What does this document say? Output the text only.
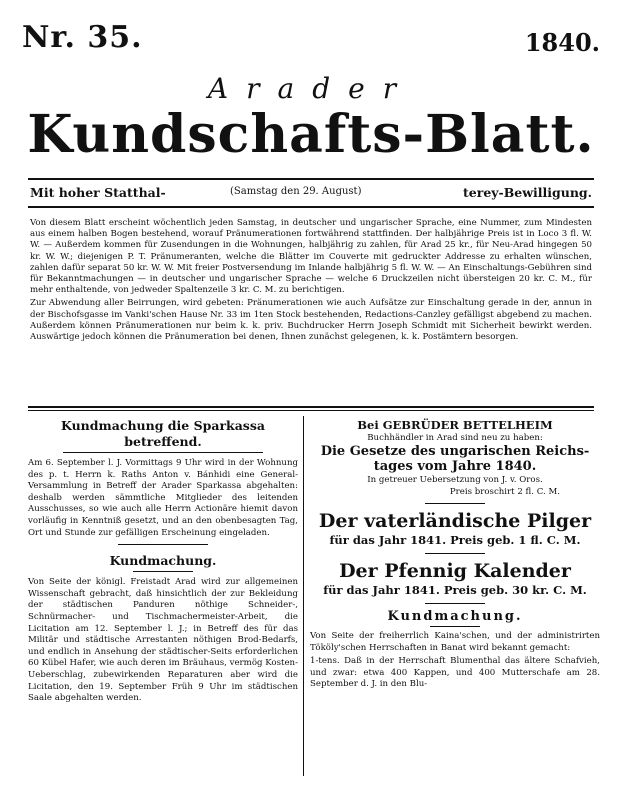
Nr. 35.	1840.
Arader
Kundschafts-Blatt.
Mit hoher Statthal-	(Samstag den 29. August)	terey-Bewilligung.

Von diesem Blatt erscheint wöchentlich jeden Samstag, in deutscher und ungarischer Sprache, eine Nummer, zum Mindesten aus einem halben Bogen bestehend, worauf Pränumerationen fortwährend stattfinden. Der halbjährige Preis ist in Loco 3 fl. W. W. — Außerdem kommen für Zusendungen in die Wohnungen, halbjährig zu zahlen, für Arad 25 kr., für Neu-Arad hingegen 50 kr. W. W.; diejenigen P. T. Pränumeranten, welche die Blätter im Couverte mit gedruckter Addresse zu erhalten wünschen, zahlen dafür separat 50 kr. W. W. Mit freier Postversendung im Inlande halbjährig 5 fl. W. W. — An Einschaltungs-Gebühren sind für Bekanntmachungen — in deutscher und ungarischer Sprache — welche 6 Druckzeilen nicht übersteigen 20 kr. C. M., für mehr enthaltende, von jedweder Spaltenzeile 3 kr. C. M. zu berichtigen.

Zur Abwendung aller Beirrungen, wird gebeten: Pränumerationen wie auch Aufsätze zur Einschaltung gerade in der, annun in der Bischofsgasse im Vanki'schen Hause Nr. 33 im 1ten Stock bestehenden, Redactions-Canzley gefälligst abgebend zu machen. Außerdem können Pränumerationen nur beim k. k. priv. Buchdrucker Herrn Joseph Schmidt mit Sicherheit bewirkt werden. Auswärtige jedoch können die Pränumeration bei denen, Ihnen zunächst gelegenen, k. k. Postämtern besorgen.

Kundmachung die Sparkassa betreffend.
Am 6. September l. J. Vormittags 9 Uhr wird in der Wohnung des p. t. Herrn k. Raths Anton v. Bánhidi eine General-Versammlung in Betreff der Arader Sparkassa abgehalten: deshalb werden sämmtliche Mitglieder des leitenden Ausschusses, so wie auch alle Herrn Actionäre hiemit davon vorläufig in Kenntniß gesetzt, und an den obenbesagten Tag, Ort und Stunde zur gefälligen Erscheinung eingeladen.
Kundmachung.
Von Seite der königl. Freistadt Arad wird zur allgemeinen Wissenschaft gebracht, daß hinsichtlich der zur Bekleidung der städtischen Panduren nöthige Schneider-, Schnürmacher- und Tischmachermeister-Arbeit, die Licitation am 12. September l. J.; in Betreff des für das Militär und städtische Arrestanten nöthigen Brod-Bedarfs, und endlich in Ansehung der städtischer-Seits erforderlichen 60 Kübel Hafer, wie auch deren im Bräuhaus, vermög Kosten-Ueberschlag, zubewirkenden Reparaturen aber wird die Licitation, den 19. September Früh 9 Uhr im städtischen Saale abgehalten werden.
Bei GEBRÜDER BETTELHEIM
Buchhändler in Arad sind neu zu haben:
Die Gesetze des ungarischen Reichs-
tages vom Jahre 1840.
In getreuer Uebersetzung von J. v. Oros.
Preis broschirt 2 fl. C. M.
Der vaterländische Pilger
für das Jahr 1841. Preis geb. 1 fl. C. M.
Der Pfennig Kalender
für das Jahr 1841. Preis geb. 30 kr. C. M.
Kundmachung.
Von Seite der freiherrlich Kaina'schen, und der administrirten Tököly'schen Herrschaften in Banat wird bekannt gemacht:
1-tens. Daß in der Herrschaft Blumenthal das ältere Schafvieh, und zwar: etwa 400 Kappen, und 400 Mutterschafe am 28. September d. J. in den Blu-
